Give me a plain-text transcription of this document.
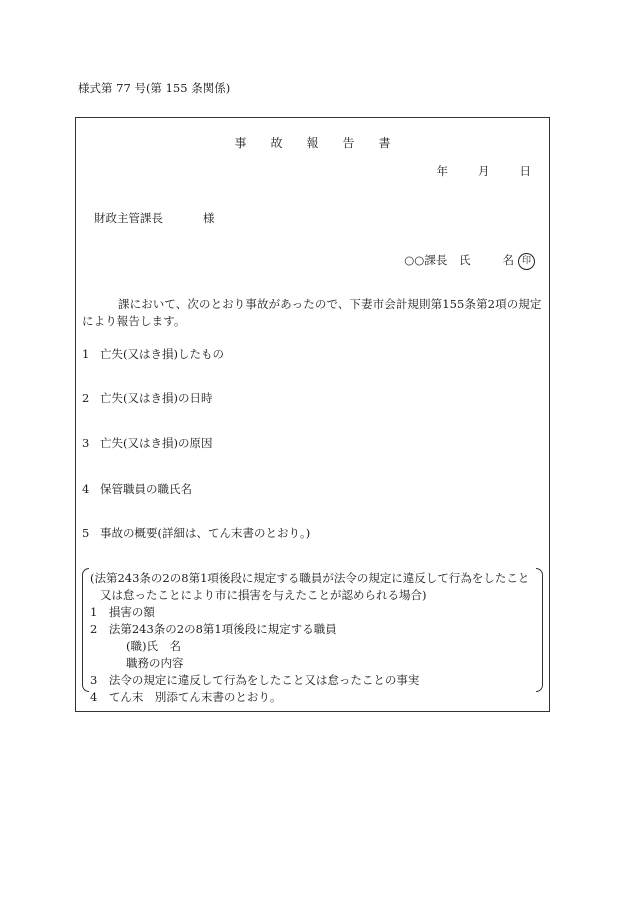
様式第 77 号(第 155 条関係)
事 故 報 告 書
年	月	日
財政主管課長	様
○○課長 氏	名 印
課において、次のとおり事故があったので、下妻市会計規則第155条第2項の規定により報告します。
1 亡失(又はき損)したもの
2 亡失(又はき損)の日時
3 亡失(又はき損)の原因
4 保管職員の職氏名
5 事故の概要(詳細は、てん末書のとおり。)
(法第243条の2の8第1項後段に規定する職員が法令の規定に違反して行為をしたこと
又は怠ったことにより市に損害を与えたことが認められる場合)
1　損害の額
2　法第243条の2の8第1項後段に規定する職員
(職)氏　名
職務の内容
3　法令の規定に違反して行為をしたこと又は怠ったことの事実
4　てん末　別添てん末書のとおり。
